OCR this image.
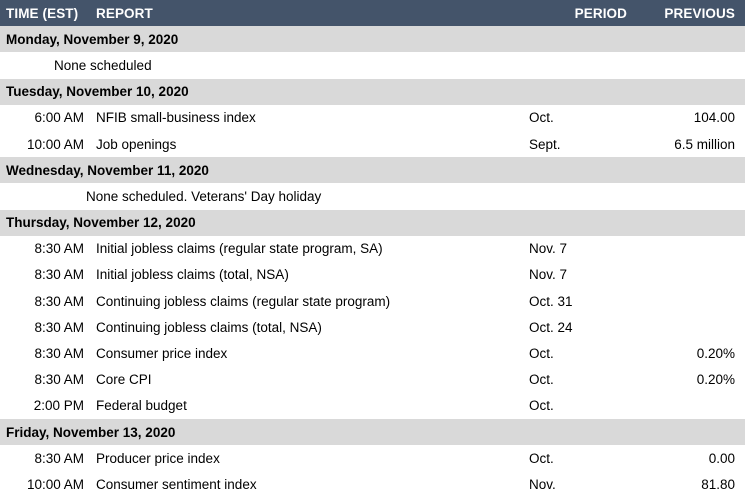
TIME (EST)	REPORT	PERIOD	PREVIOUS
Monday, November 9, 2020			
None scheduled			
Tuesday, November 10, 2020			
6:00 AM	NFIB small-business index	Oct.	104.00
10:00 AM	Job openings	Sept.	6.5 million
Wednesday, November 11, 2020			
None scheduled. Veterans' Day holiday			
Thursday, November 12, 2020			
8:30 AM	Initial jobless claims (regular state program, SA)	Nov. 7	
8:30 AM	Initial jobless claims (total, NSA)	Nov. 7	
8:30 AM	Continuing jobless claims (regular state program)	Oct. 31	
8:30 AM	Continuing jobless claims (total, NSA)	Oct. 24	
8:30 AM	Consumer price index	Oct.	0.20%
8:30 AM	Core CPI	Oct.	0.20%
2:00 PM	Federal budget	Oct.	
Friday, November 13, 2020			
8:30 AM	Producer price index	Oct.	0.00
10:00 AM	Consumer sentiment index	Nov.	81.80
